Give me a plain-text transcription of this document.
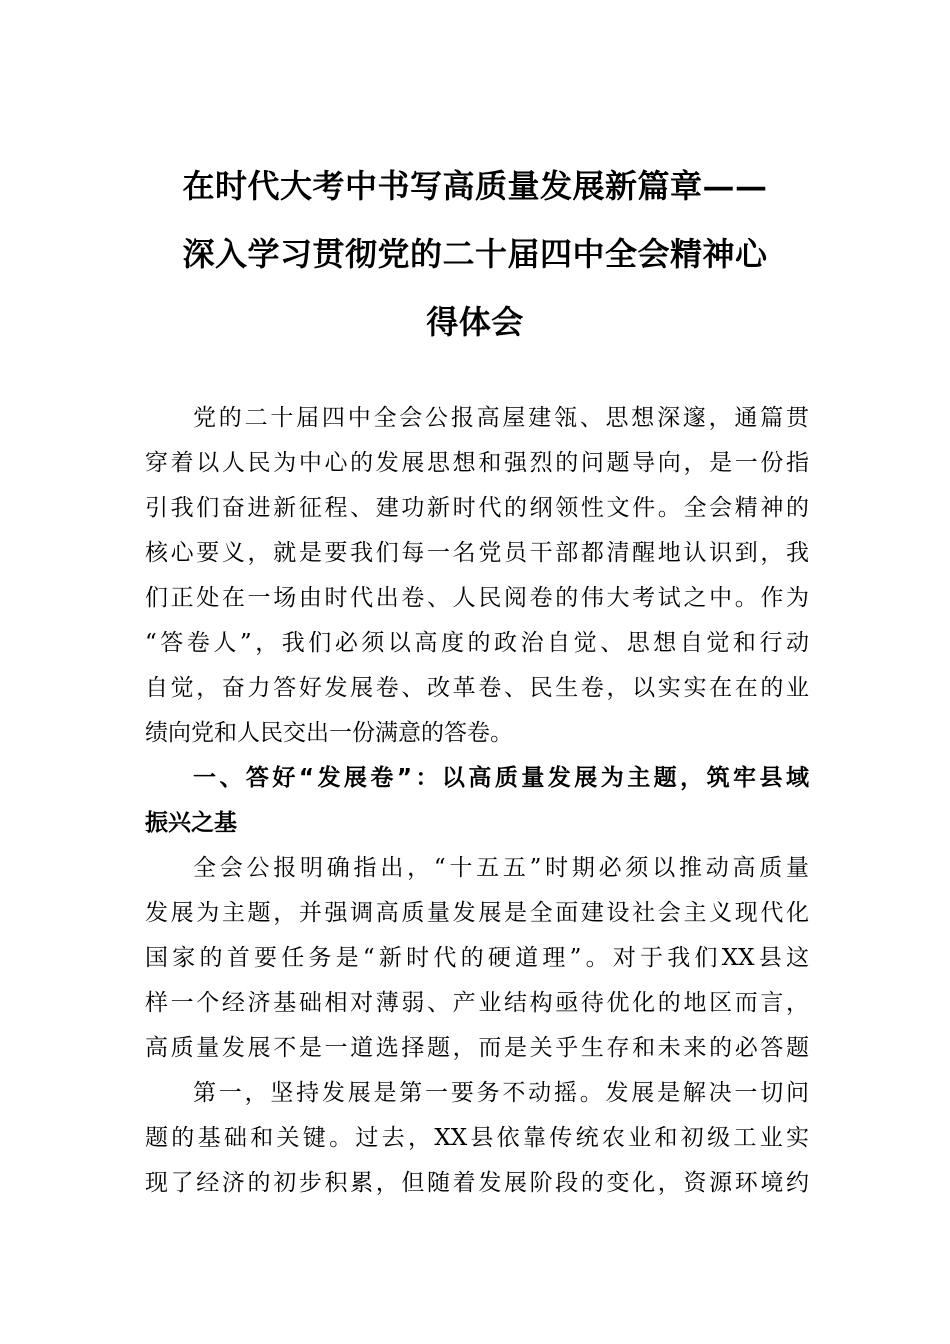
在时代大考中书写高质量发展新篇章——
深入学习贯彻党的二十届四中全会精神心
得体会
党的二十届四中全会公报高屋建瓴、思想深邃，通篇贯
穿着以人民为中心的发展思想和强烈的问题导向，是一份指
引我们奋进新征程、建功新时代的纲领性文件。全会精神的
核心要义，就是要我们每一名党员干部都清醒地认识到，我
们正处在一场由时代出卷、人民阅卷的伟大考试之中。作为
“答卷人”，我们必须以高度的政治自觉、思想自觉和行动
自觉，奋力答好发展卷、改革卷、民生卷，以实实在在的业
绩向党和人民交出一份满意的答卷。
一、答好“发展卷”：以高质量发展为主题，筑牢县域
振兴之基
全会公报明确指出，“十五五”时期必须以推动高质量
发展为主题，并强调高质量发展是全面建设社会主义现代化
国家的首要任务是“新时代的硬道理”。对于我们XX县这
样一个经济基础相对薄弱、产业结构亟待优化的地区而言，
高质量发展不是一道选择题，而是关乎生存和未来的必答题
第一，坚持发展是第一要务不动摇。发展是解决一切问
题的基础和关键。过去，XX县依靠传统农业和初级工业实
现了经济的初步积累，但随着发展阶段的变化，资源环境约
